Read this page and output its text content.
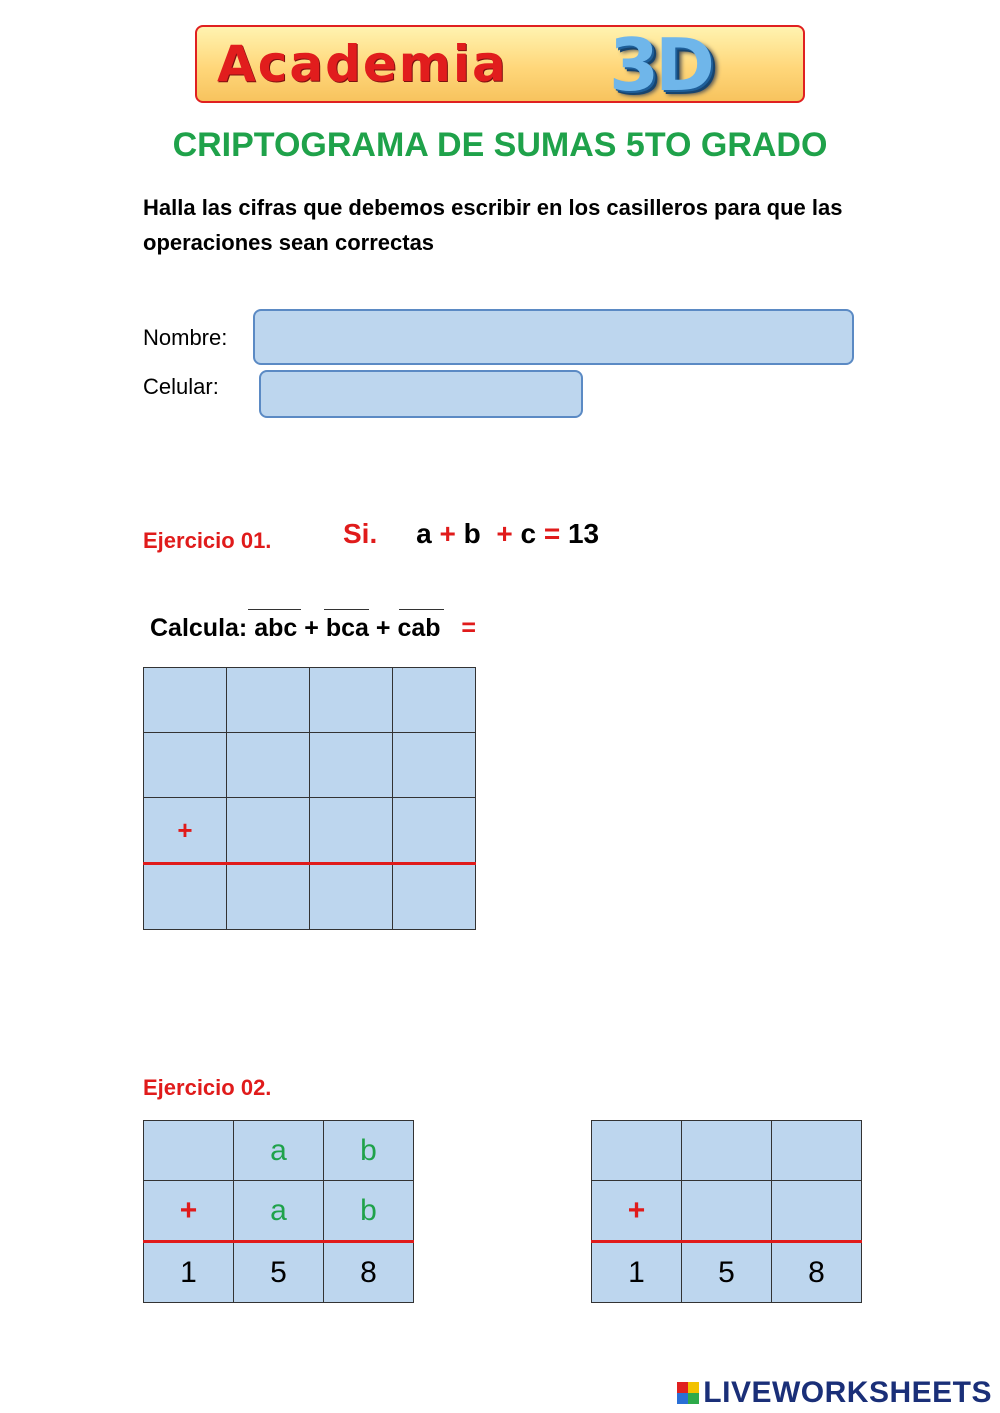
Academia 3D
CRIPTOGRAMA DE SUMAS 5TO GRADO
Halla las cifras que debemos escribir en los casilleros para que las operaciones sean correctas
Nombre:
Celular:
Ejercicio 01.	Si. a + b + c = 13
Calcula: abc + bca + cab =

+			

Ejercicio 02.
	a	b
+	a	b
1	5	8

+		
1	5	8
LIVEWORKSHEETS
